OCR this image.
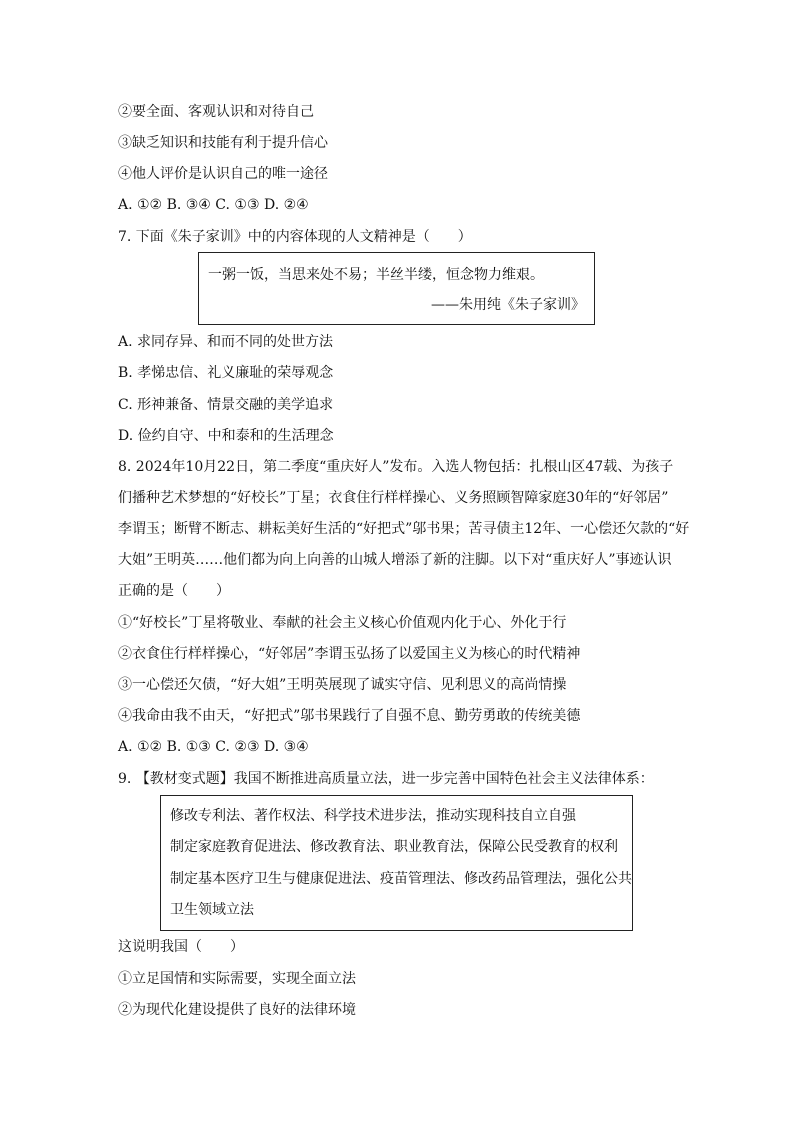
②要全面、客观认识和对待自己
③缺乏知识和技能有利于提升信心
④他人评价是认识自己的唯一途径
A. ①② B. ③④ C. ①③ D. ②④
7. 下面《朱子家训》中的内容体现的人文精神是（　　）
一粥一饭，当思来处不易；半丝半缕，恒念物力维艰。
——朱用纯《朱子家训》
A. 求同存异、和而不同的处世方法
B. 孝悌忠信、礼义廉耻的荣辱观念
C. 形神兼备、情景交融的美学追求
D. 俭约自守、中和泰和的生活理念
8. 2024年10月22日，第二季度“重庆好人”发布。入选人物包括：扎根山区47载、为孩子
们播种艺术梦想的“好校长”丁星；衣食住行样样操心、义务照顾智障家庭30年的“好邻居”
李谓玉；断臂不断志、耕耘美好生活的“好把式”邬书果；苦寻债主12年、一心偿还欠款的“好
大姐”王明英……他们都为向上向善的山城人增添了新的注脚。以下对“重庆好人”事迹认识
正确的是（　　）
①“好校长”丁星将敬业、奉献的社会主义核心价值观内化于心、外化于行
②衣食住行样样操心，“好邻居”李谓玉弘扬了以爱国主义为核心的时代精神
③一心偿还欠债，“好大姐”王明英展现了诚实守信、见利思义的高尚情操
④我命由我不由天，“好把式”邬书果践行了自强不息、勤劳勇敢的传统美德
A. ①② B. ①③ C. ②③ D. ③④
9. 【教材变式题】我国不断推进高质量立法，进一步完善中国特色社会主义法律体系：
修改专利法、著作权法、科学技术进步法，推动实现科技自立自强
制定家庭教育促进法、修改教育法、职业教育法，保障公民受教育的权利
制定基本医疗卫生与健康促进法、疫苗管理法、修改药品管理法，强化公共
卫生领域立法
这说明我国（　　）
①立足国情和实际需要，实现全面立法
②为现代化建设提供了良好的法律环境
